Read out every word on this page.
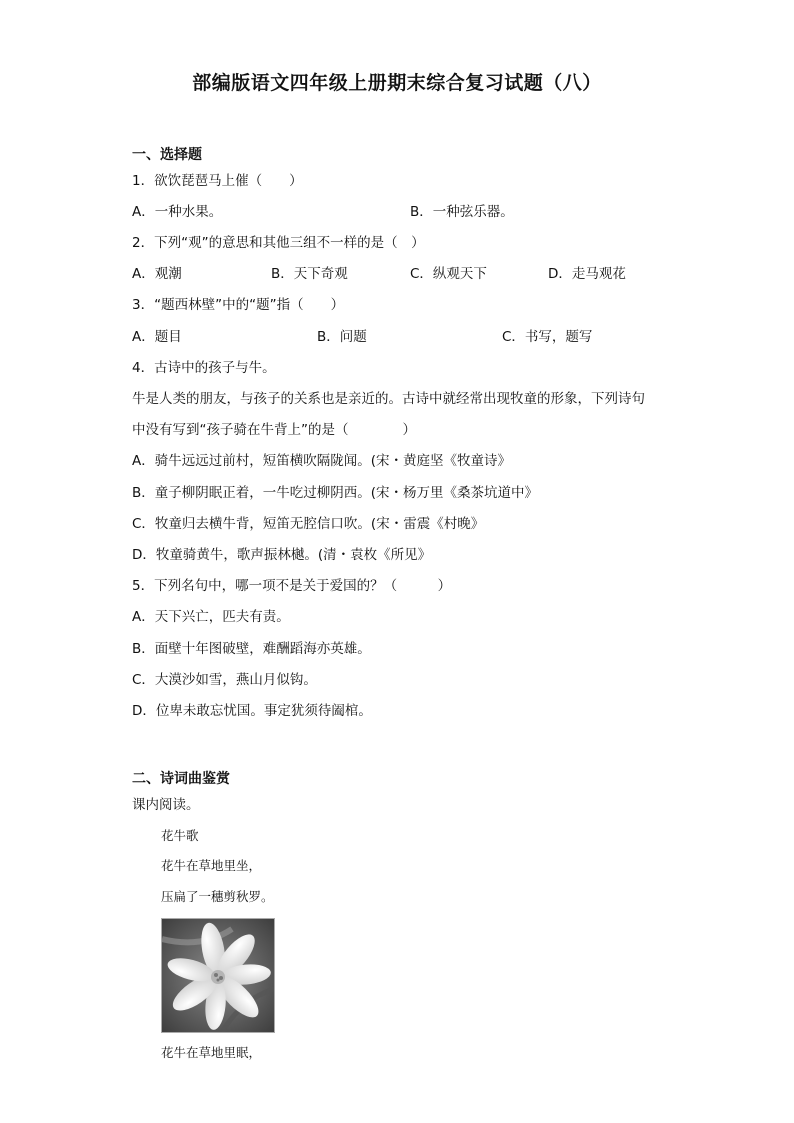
部编版语文四年级上册期末综合复习试题（八）
一、选择题
1．欲饮琵琶马上催（　　）
A．一种水果。	B．一种弦乐器。
2．下列“观”的意思和其他三组不一样的是（　）
A．观潮	B．天下奇观	C．纵观天下	D．走马观花
3．“题西林壁”中的“题”指（　　）
A．题目	B．问题	C．书写，题写
4．古诗中的孩子与牛。
牛是人类的朋友，与孩子的关系也是亲近的。古诗中就经常出现牧童的形象，下列诗句
中没有写到“孩子骑在牛背上”的是（　　　　）
A．骑牛远远过前村，短笛横吹隔陇闻。(宋・黄庭坚《牧童诗》
B．童子柳阴眠正着，一牛吃过柳阴西。(宋・杨万里《桑茶坑道中》
C．牧童归去横牛背，短笛无腔信口吹。(宋・雷震《村晚》
D．牧童骑黄牛，歌声振林樾。(清・袁枚《所见》
5．下列名句中，哪一项不是关于爱国的？（　　　）
A．天下兴亡，匹夫有责。
B．面壁十年图破壁，难酬蹈海亦英雄。
C．大漠沙如雪，燕山月似钩。
D．位卑未敢忘忧国。事定犹须待阖棺。
二、诗词曲鉴赏
课内阅读。
花牛歌
花牛在草地里坐，
压扁了一穗剪秋罗。
花牛在草地里眠，
